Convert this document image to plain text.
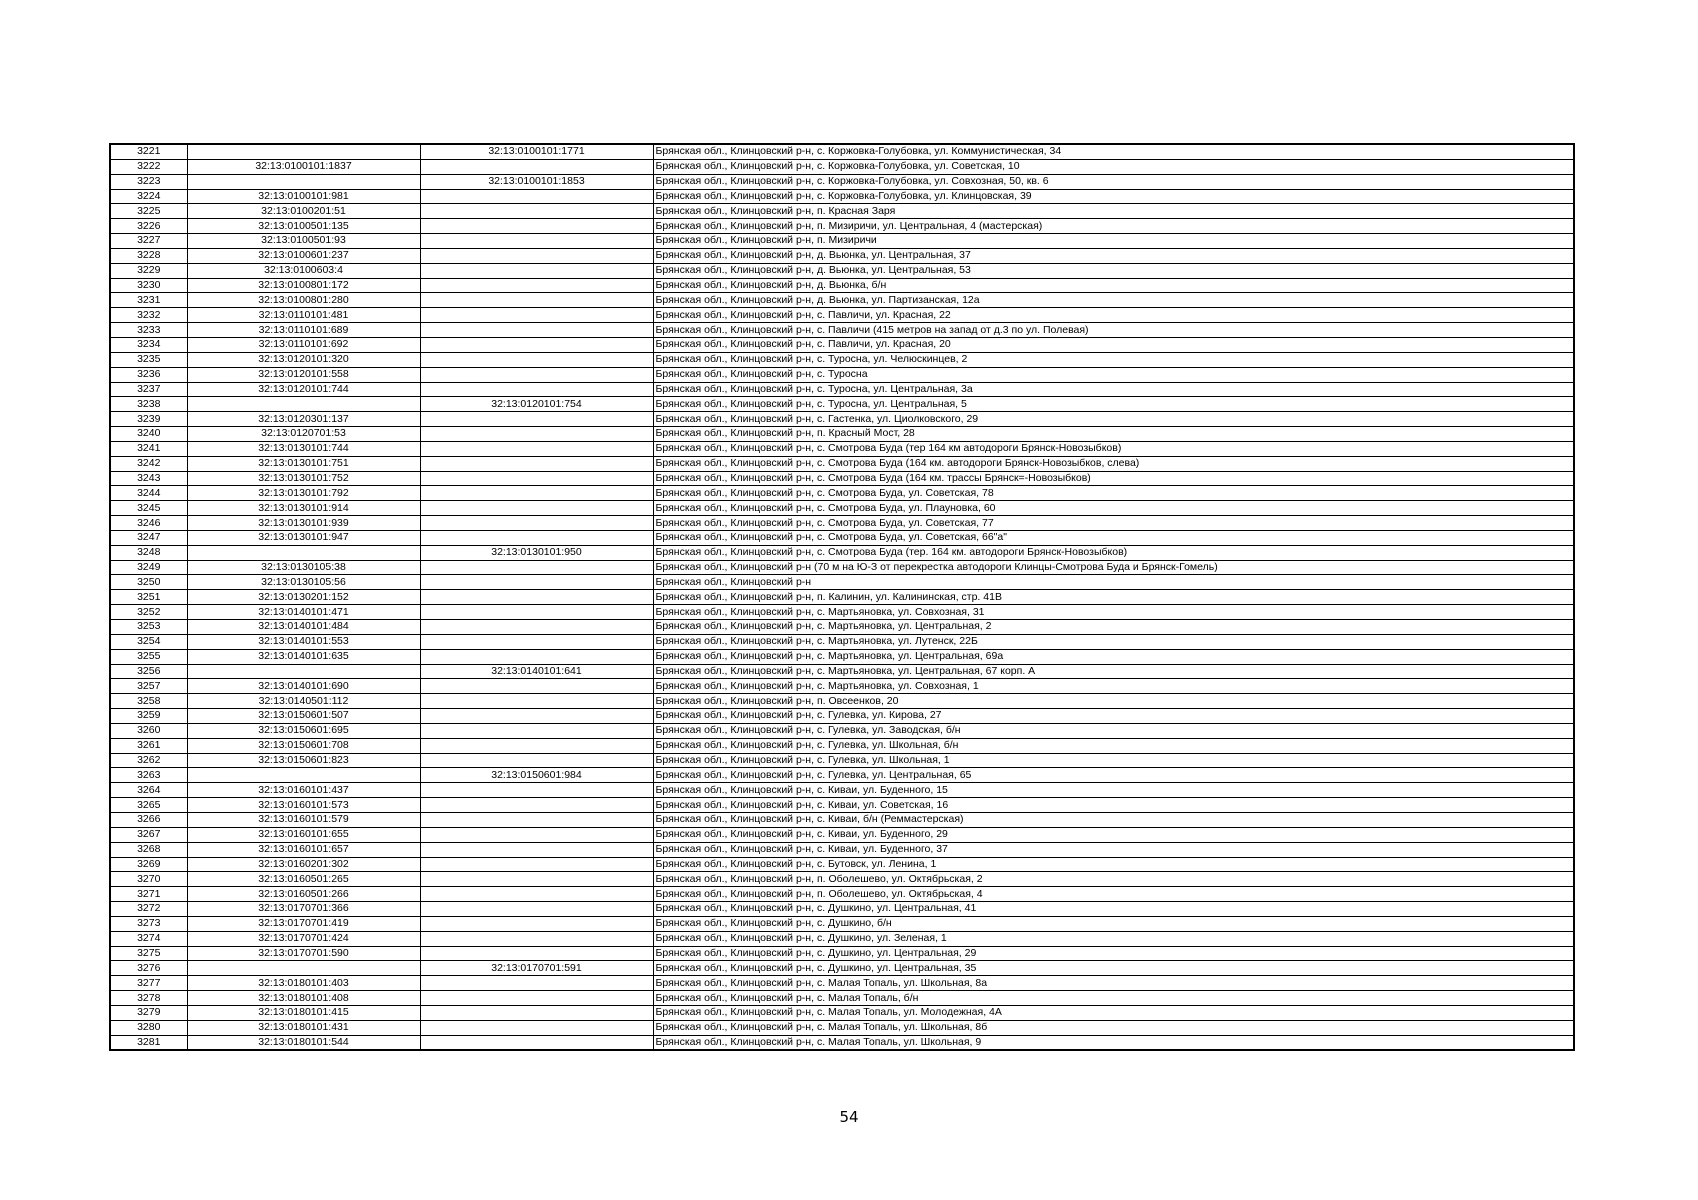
3221		32:13:0100101:1771	Брянская обл., Клинцовский р-н, с. Коржовка-Голубовка, ул. Коммунистическая, 34
3222	32:13:0100101:1837		Брянская обл., Клинцовский р-н, с. Коржовка-Голубовка, ул. Советская, 10
3223		32:13:0100101:1853	Брянская обл., Клинцовский р-н, с. Коржовка-Голубовка, ул. Совхозная, 50, кв. 6
3224	32:13:0100101:981		Брянская обл., Клинцовский р-н, с. Коржовка-Голубовка, ул. Клинцовская, 39
3225	32:13:0100201:51		Брянская обл., Клинцовский р-н, п. Красная Заря
3226	32:13:0100501:135		Брянская обл., Клинцовский р-н, п. Мизиричи, ул. Центральная, 4 (мастерская)
3227	32:13:0100501:93		Брянская обл., Клинцовский р-н, п. Мизиричи
3228	32:13:0100601:237		Брянская обл., Клинцовский р-н, д. Вьюнка, ул. Центральная, 37
3229	32:13:0100603:4		Брянская обл., Клинцовский р-н, д. Вьюнка, ул. Центральная, 53
3230	32:13:0100801:172		Брянская обл., Клинцовский р-н, д. Вьюнка, б/н
3231	32:13:0100801:280		Брянская обл., Клинцовский р-н, д. Вьюнка, ул. Партизанская, 12а
3232	32:13:0110101:481		Брянская обл., Клинцовский р-н, с. Павличи, ул. Красная, 22
3233	32:13:0110101:689		Брянская обл., Клинцовский р-н, с. Павличи (415 метров на запад от д.3 по ул. Полевая)
3234	32:13:0110101:692		Брянская обл., Клинцовский р-н, с. Павличи, ул. Красная, 20
3235	32:13:0120101:320		Брянская обл., Клинцовский р-н, с. Туросна, ул. Челюскинцев, 2
3236	32:13:0120101:558		Брянская обл., Клинцовский р-н, с. Туросна
3237	32:13:0120101:744		Брянская обл., Клинцовский р-н, с. Туросна, ул. Центральная, 3а
3238		32:13:0120101:754	Брянская обл., Клинцовский р-н, с. Туросна, ул. Центральная, 5
3239	32:13:0120301:137		Брянская обл., Клинцовский р-н, с. Гастенка, ул. Циолковского, 29
3240	32:13:0120701:53		Брянская обл., Клинцовский р-н, п. Красный Мост, 28
3241	32:13:0130101:744		Брянская обл., Клинцовский р-н, с. Смотрова Буда (тер 164 км автодороги Брянск-Новозыбков)
3242	32:13:0130101:751		Брянская обл., Клинцовский р-н, с. Смотрова Буда (164 км. автодороги Брянск-Новозыбков, слева)
3243	32:13:0130101:752		Брянская обл., Клинцовский р-н, с. Смотрова Буда (164 км. трассы Брянск=-Новозыбков)
3244	32:13:0130101:792		Брянская обл., Клинцовский р-н, с. Смотрова Буда, ул. Советская, 78
3245	32:13:0130101:914		Брянская обл., Клинцовский р-н, с. Смотрова Буда, ул. Плауновка, 60
3246	32:13:0130101:939		Брянская обл., Клинцовский р-н, с. Смотрова Буда, ул. Советская, 77
3247	32:13:0130101:947		Брянская обл., Клинцовский р-н, с. Смотрова Буда, ул. Советская, 66"а"
3248		32:13:0130101:950	Брянская обл., Клинцовский р-н, с. Смотрова Буда (тер. 164 км. автодороги Брянск-Новозыбков)
3249	32:13:0130105:38		Брянская обл., Клинцовский р-н (70 м на Ю-З от перекрестка автодороги Клинцы-Смотрова Буда и Брянск-Гомель)
3250	32:13:0130105:56		Брянская обл., Клинцовский р-н
3251	32:13:0130201:152		Брянская обл., Клинцовский р-н, п. Калинин, ул. Калининская, стр. 41В
3252	32:13:0140101:471		Брянская обл., Клинцовский р-н, с. Мартьяновка, ул. Совхозная, 31
3253	32:13:0140101:484		Брянская обл., Клинцовский р-н, с. Мартьяновка, ул. Центральная, 2
3254	32:13:0140101:553		Брянская обл., Клинцовский р-н, с. Мартьяновка, ул. Лутенск, 22Б
3255	32:13:0140101:635		Брянская обл., Клинцовский р-н, с. Мартьяновка, ул. Центральная, 69а
3256		32:13:0140101:641	Брянская обл., Клинцовский р-н, с. Мартьяновка, ул. Центральная, 67 корп. А
3257	32:13:0140101:690		Брянская обл., Клинцовский р-н, с. Мартьяновка, ул. Совхозная, 1
3258	32:13:0140501:112		Брянская обл., Клинцовский р-н, п. Овсеенков, 20
3259	32:13:0150601:507		Брянская обл., Клинцовский р-н, с. Гулевка, ул. Кирова, 27
3260	32:13:0150601:695		Брянская обл., Клинцовский р-н, с. Гулевка, ул. Заводская, б/н
3261	32:13:0150601:708		Брянская обл., Клинцовский р-н, с. Гулевка, ул. Школьная, б/н
3262	32:13:0150601:823		Брянская обл., Клинцовский р-н, с. Гулевка, ул. Школьная, 1
3263		32:13:0150601:984	Брянская обл., Клинцовский р-н, с. Гулевка, ул. Центральная, 65
3264	32:13:0160101:437		Брянская обл., Клинцовский р-н, с. Киваи, ул. Буденного, 15
3265	32:13:0160101:573		Брянская обл., Клинцовский р-н, с. Киваи, ул. Советская, 16
3266	32:13:0160101:579		Брянская обл., Клинцовский р-н, с. Киваи, б/н (Реммастерская)
3267	32:13:0160101:655		Брянская обл., Клинцовский р-н, с. Киваи, ул. Буденного, 29
3268	32:13:0160101:657		Брянская обл., Клинцовский р-н, с. Киваи, ул. Буденного, 37
3269	32:13:0160201:302		Брянская обл., Клинцовский р-н, с. Бутовск, ул. Ленина, 1
3270	32:13:0160501:265		Брянская обл., Клинцовский р-н, п. Оболешево, ул. Октябрьская, 2
3271	32:13:0160501:266		Брянская обл., Клинцовский р-н, п. Оболешево, ул. Октябрьская, 4
3272	32:13:0170701:366		Брянская обл., Клинцовский р-н, с. Душкино, ул. Центральная, 41
3273	32:13:0170701:419		Брянская обл., Клинцовский р-н, с. Душкино, б/н
3274	32:13:0170701:424		Брянская обл., Клинцовский р-н, с. Душкино, ул. Зеленая, 1
3275	32:13:0170701:590		Брянская обл., Клинцовский р-н, с. Душкино, ул. Центральная, 29
3276		32:13:0170701:591	Брянская обл., Клинцовский р-н, с. Душкино, ул. Центральная, 35
3277	32:13:0180101:403		Брянская обл., Клинцовский р-н, с. Малая Топаль, ул. Школьная, 8а
3278	32:13:0180101:408		Брянская обл., Клинцовский р-н, с. Малая Топаль, б/н
3279	32:13:0180101:415		Брянская обл., Клинцовский р-н, с. Малая Топаль, ул. Молодежная, 4А
3280	32:13:0180101:431		Брянская обл., Клинцовский р-н, с. Малая Топаль, ул. Школьная, 8б
3281	32:13:0180101:544		Брянская обл., Клинцовский р-н, с. Малая Топаль, ул. Школьная, 9
54
